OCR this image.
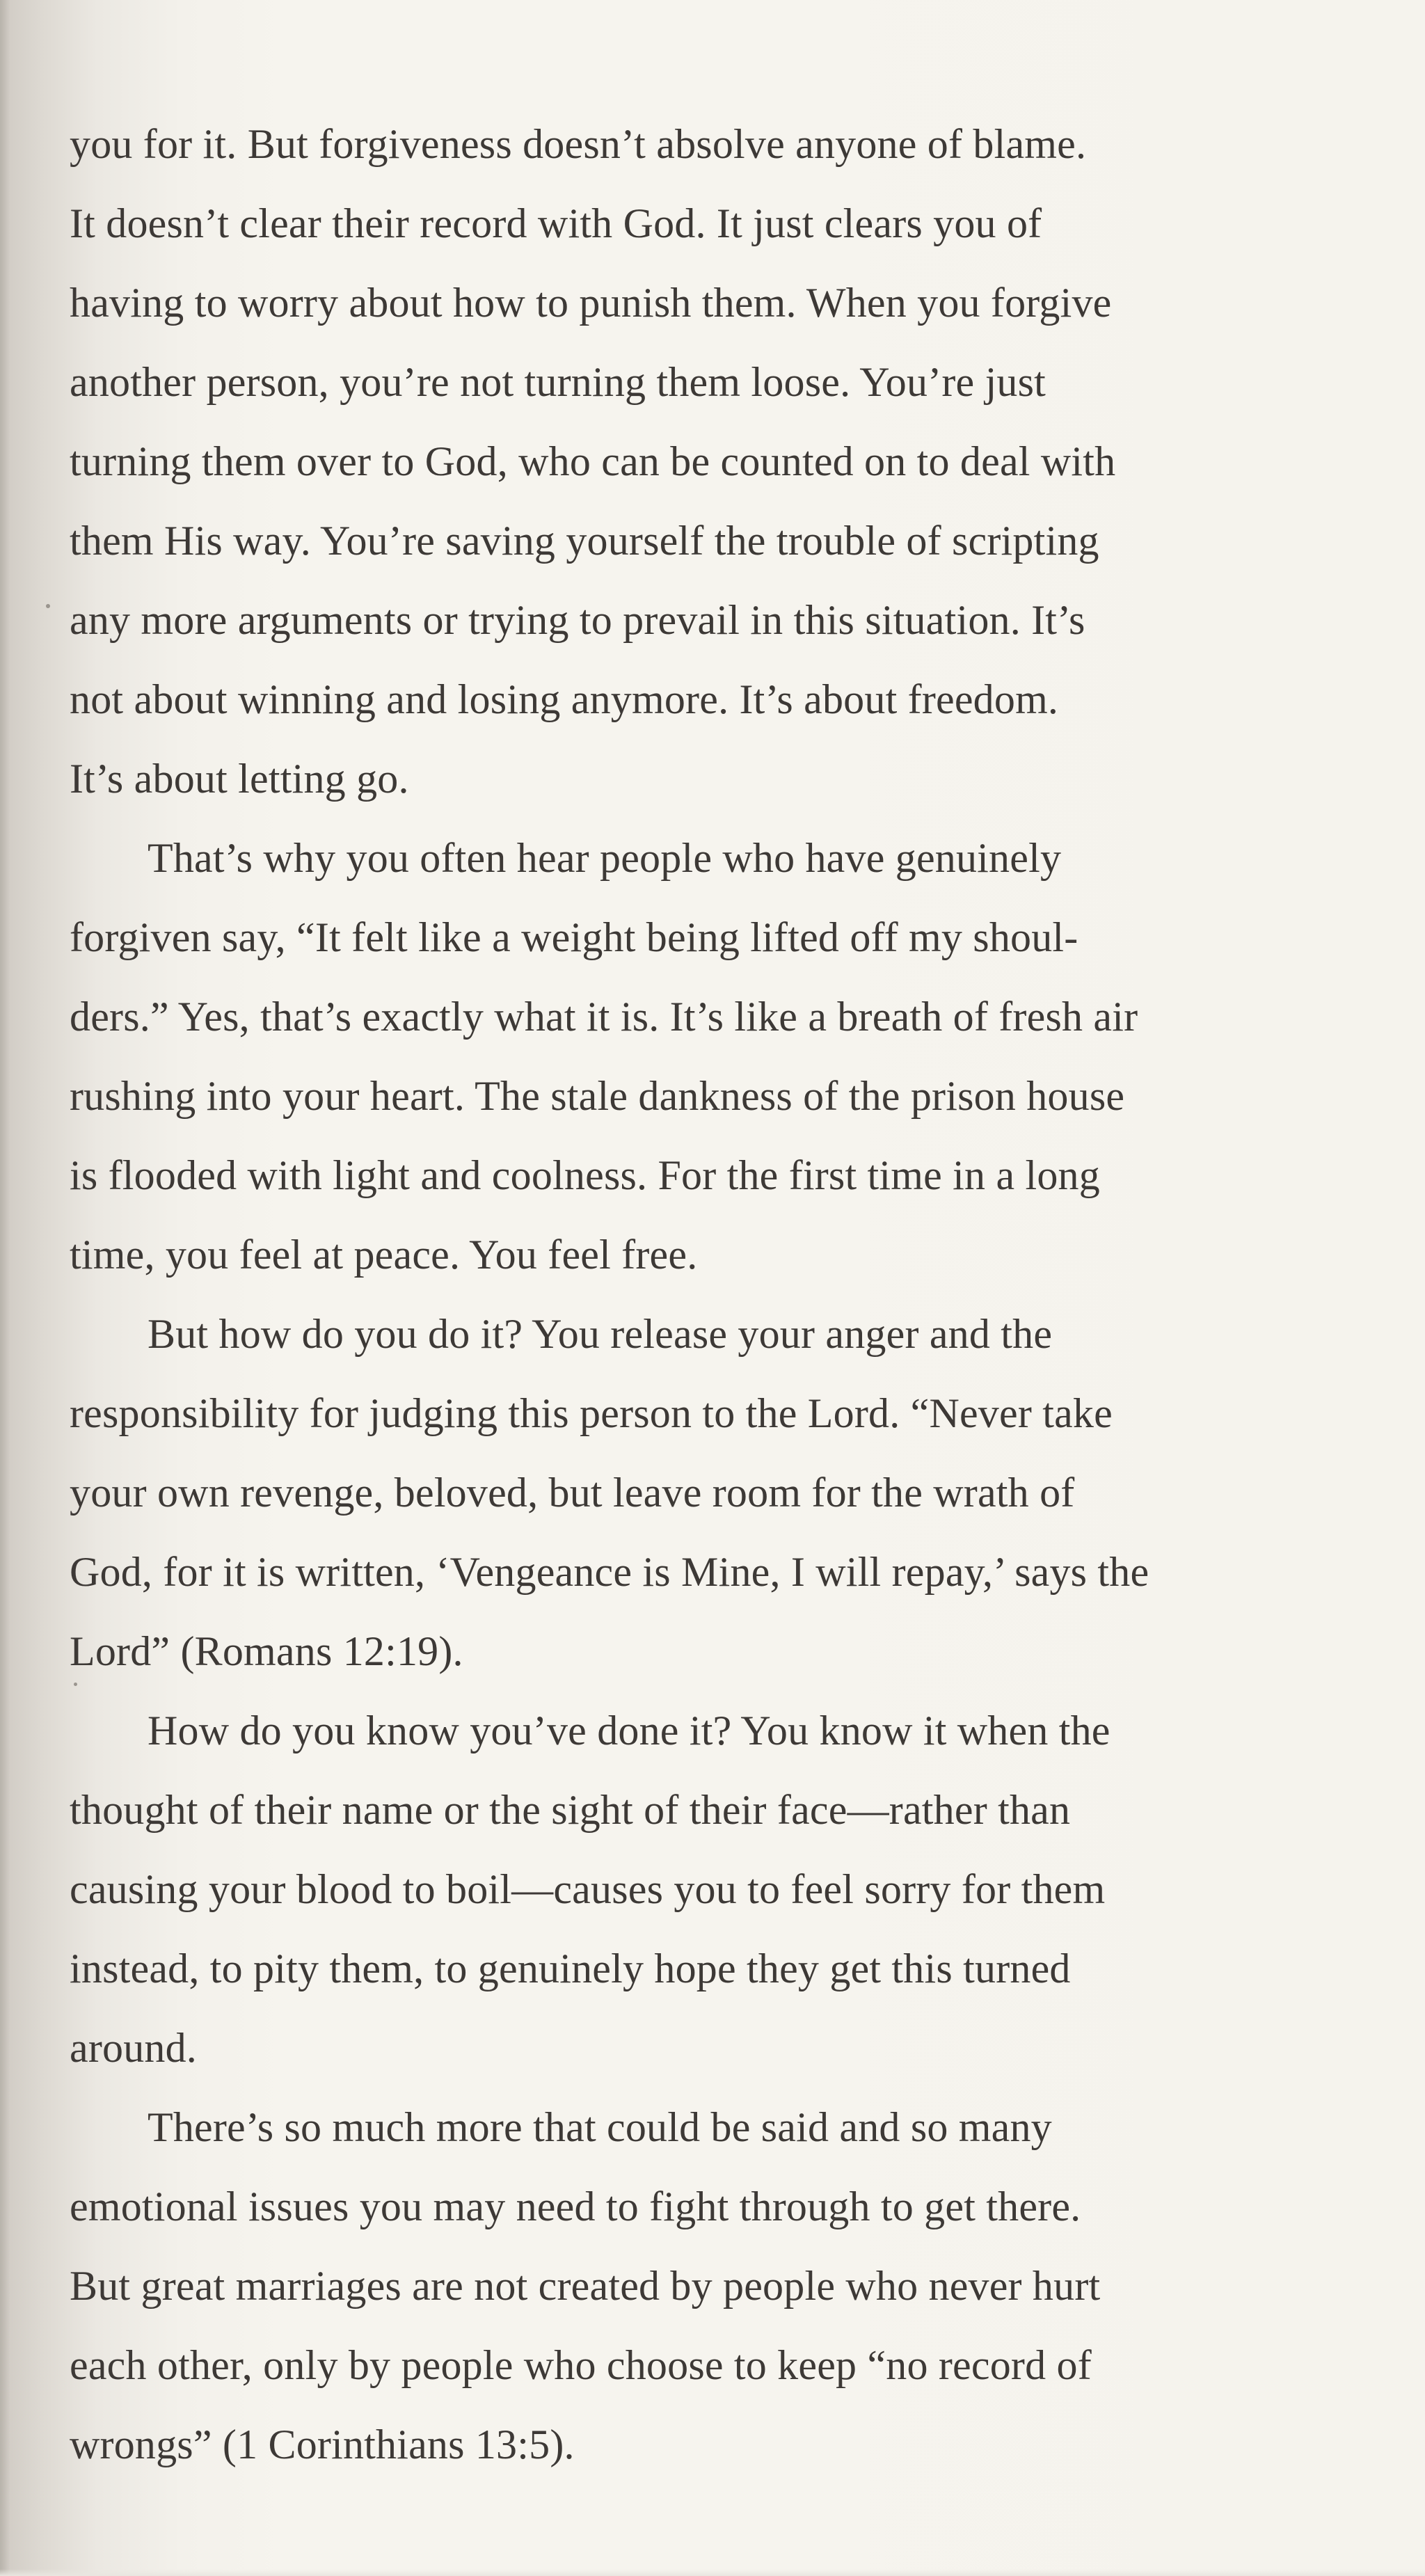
you for it. But forgiveness doesn’t absolve anyone of blame.
It doesn’t clear their record with God. It just clears you of
having to worry about how to punish them. When you forgive
another person, you’re not turning them loose. You’re just
turning them over to God, who can be counted on to deal with
them His way. You’re saving yourself the trouble of scripting
any more arguments or trying to prevail in this situation. It’s
not about winning and losing anymore. It’s about freedom.
It’s about letting go.

That’s why you often hear people who have genuinely
forgiven say, “It felt like a weight being lifted off my shoul-
ders.” Yes, that’s exactly what it is. It’s like a breath of fresh air
rushing into your heart. The stale dankness of the prison house
is flooded with light and coolness. For the first time in a long
time, you feel at peace. You feel free.

But how do you do it? You release your anger and the
responsibility for judging this person to the Lord. “Never take
your own revenge, beloved, but leave room for the wrath of
God, for it is written, ‘Vengeance is Mine, I will repay,’ says the
Lord” (Romans 12:19).

How do you know you’ve done it? You know it when the
thought of their name or the sight of their face—rather than
causing your blood to boil—causes you to feel sorry for them
instead, to pity them, to genuinely hope they get this turned
around.

There’s so much more that could be said and so many
emotional issues you may need to fight through to get there.
But great marriages are not created by people who never hurt
each other, only by people who choose to keep “no record of
wrongs” (1 Corinthians 13:5).
